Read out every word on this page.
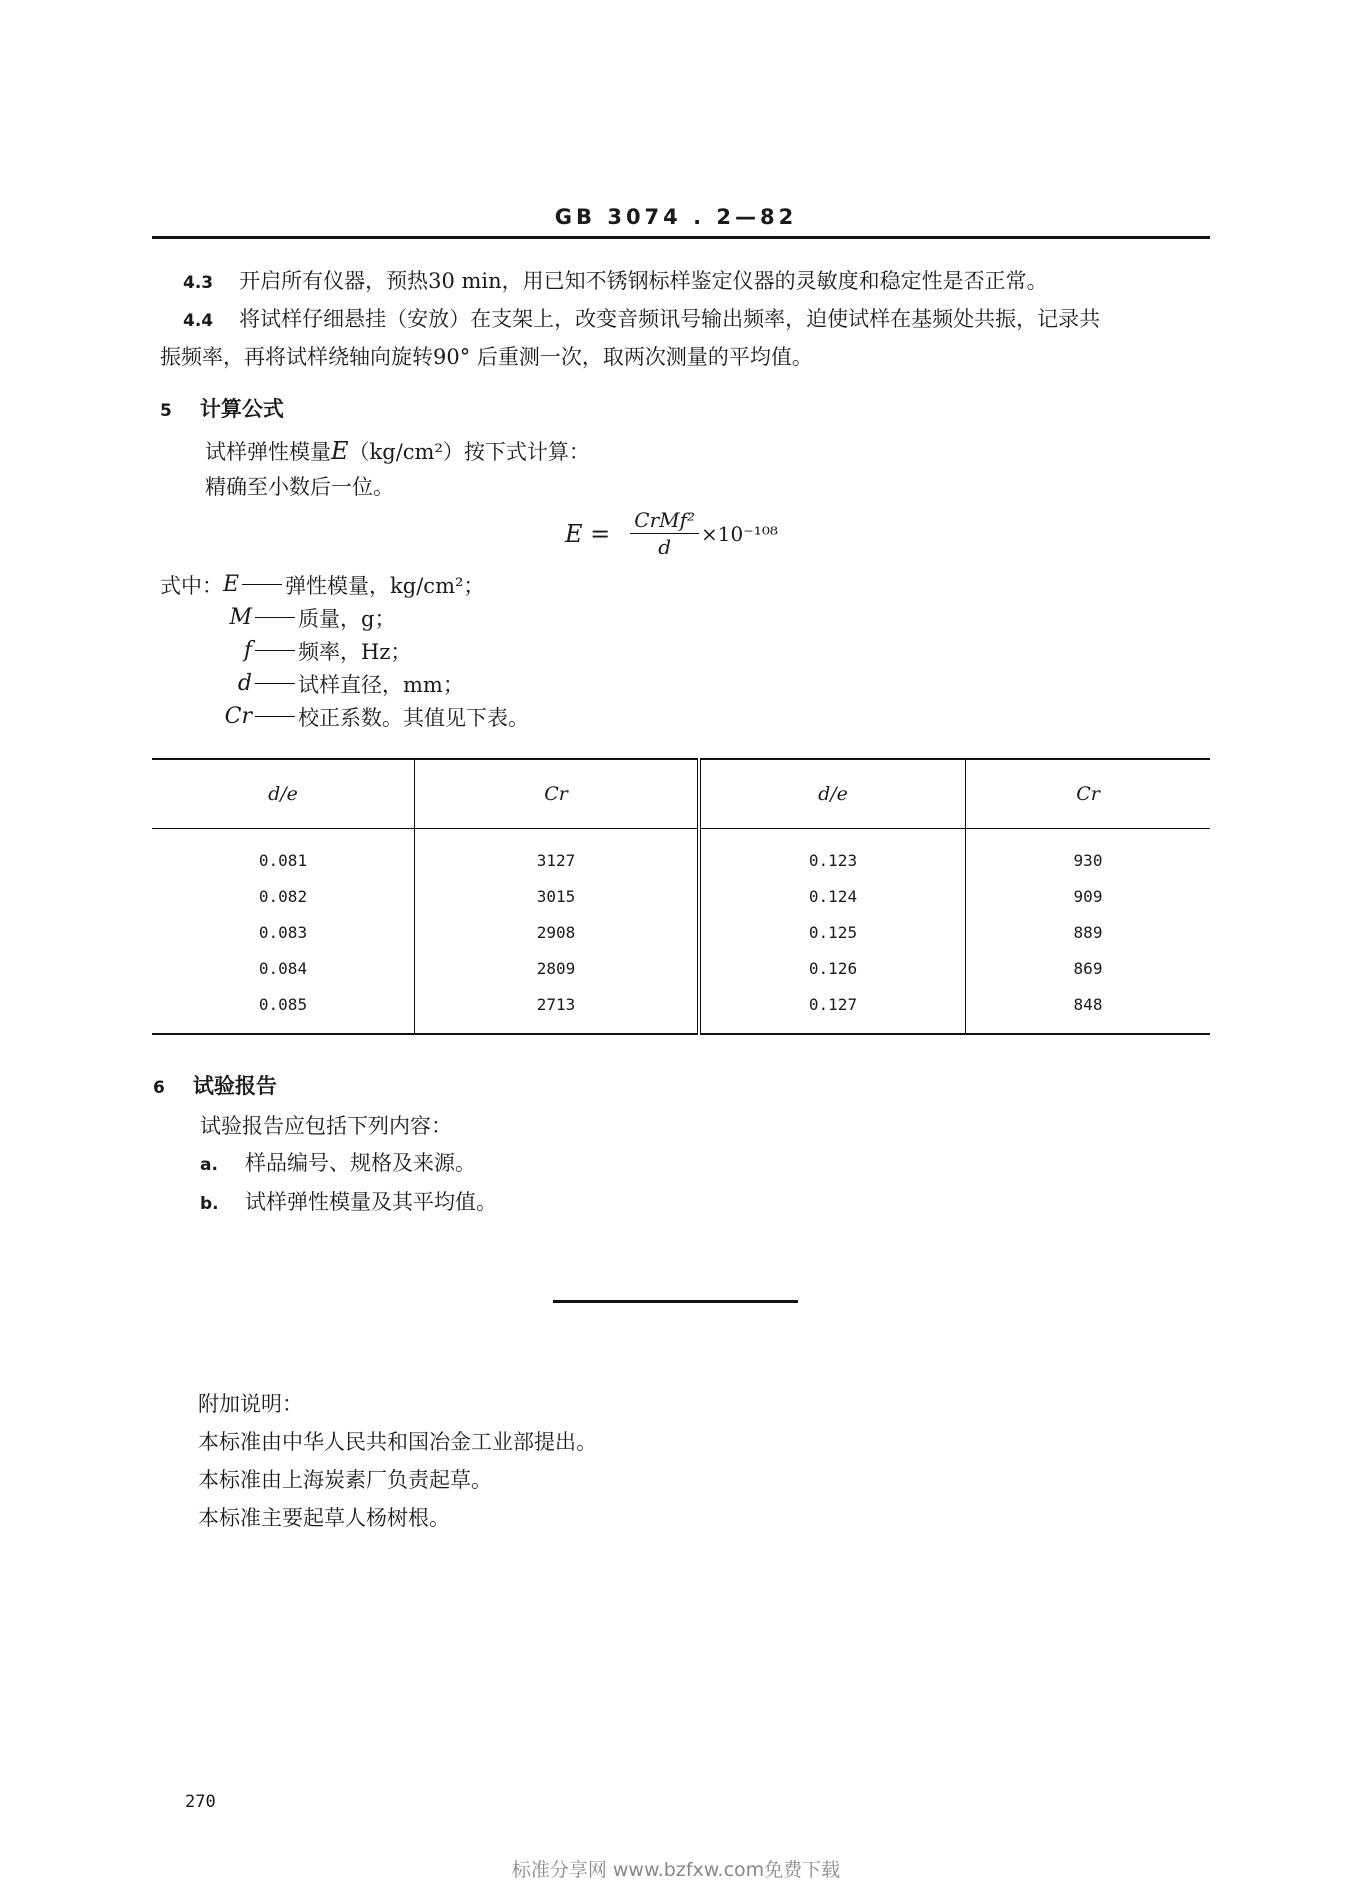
GB 3074 . 2—82
4.3 开启所有仪器，预热30 min，用已知不锈钢标样鉴定仪器的灵敏度和稳定性是否正常。
4.4 将试样仔细悬挂（安放）在支架上，改变音频讯号输出频率，迫使试样在基频处共振，记录共
振频率，再将试样绕轴向旋转90° 后重测一次，取两次测量的平均值。
5 计算公式
试样弹性模量E（kg/cm²）按下式计算：
精确至小数后一位。
$E = \frac{\text{CrMf²}}{d} \times 10^{-108}$
式中： E 弹性模量，kg/cm²；
M 质量，g；
f 频率，Hz；
d 试样直径，mm；
Cr 校正系数。其值见下表。
d/e	Cr	d/e	Cr
0.081	3127	0.123	930
0.082	3015	0.124	909
0.083	2908	0.125	889
0.084	2809	0.126	869
0.085	2713	0.127	848
6 试验报告
试验报告应包括下列内容：
a. 样品编号、规格及来源。
b. 试样弹性模量及其平均值。
附加说明：
本标准由中华人民共和国冶金工业部提出。
本标准由上海炭素厂负责起草。
本标准主要起草人杨树根。
270
标准分享网 www.bzfxw.com免费下载
